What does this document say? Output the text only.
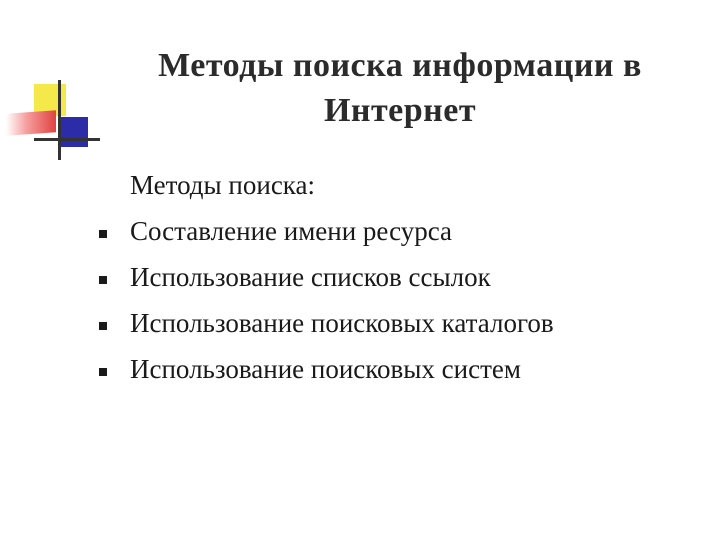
Методы поиска информации в
Интернет
Методы поиска:
Составление имени ресурса
Использование списков ссылок
Использование поисковых каталогов
Использование поисковых систем
